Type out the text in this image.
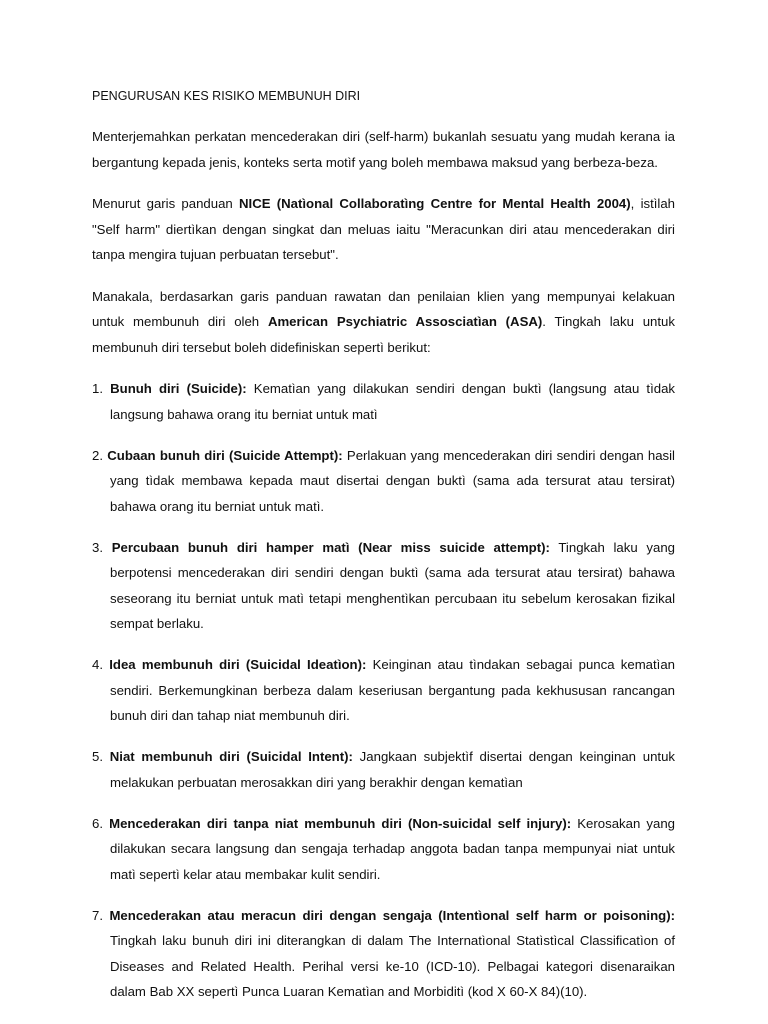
PENGURUSAN KES RISIKO MEMBUNUH DIRI

Menterjemahkan perkatan mencederakan diri (self-harm) bukanlah sesuatu yang mudah kerana ia bergantung kepada jenis, konteks serta motìf yang boleh membawa maksud yang berbeza-beza.

Menurut garis panduan NICE (Natìonal Collaboratìng Centre for Mental Health 2004), istìlah "Self harm" diertìkan dengan singkat dan meluas iaitu "Meracunkan diri atau mencederakan diri tanpa mengira tujuan perbuatan tersebut".

Manakala, berdasarkan garis panduan rawatan dan penilaian klien yang mempunyai kelakuan untuk membunuh diri oleh American Psychiatric Assosciatìan (ASA). Tingkah laku untuk membunuh diri tersebut boleh didefiniskan sepertì berikut:

1. Bunuh diri (Suicide): Kematìan yang dilakukan sendiri dengan buktì (langsung atau tìdak langsung bahawa orang itu berniat untuk matì

2. Cubaan bunuh diri (Suicide Attempt): Perlakuan yang mencederakan diri sendiri dengan hasil yang tìdak membawa kepada maut disertai dengan buktì (sama ada tersurat atau tersirat) bahawa orang itu berniat untuk matì.

3. Percubaan bunuh diri hamper matì (Near miss suicide attempt): Tingkah laku yang berpotensi mencederakan diri sendiri dengan buktì (sama ada tersurat atau tersirat) bahawa seseorang itu berniat untuk matì tetapi menghentìkan percubaan itu sebelum kerosakan fizikal sempat berlaku.

4. Idea membunuh diri (Suicidal Ideatìon): Keinginan atau tìndakan sebagai punca kematìan sendiri. Berkemungkinan berbeza dalam keseriusan bergantung pada kekhususan rancangan bunuh diri dan tahap niat membunuh diri.

5. Niat membunuh diri (Suicidal Intent): Jangkaan subjektìf disertai dengan keinginan untuk melakukan perbuatan merosakkan diri yang berakhir dengan kematìan

6. Mencederakan diri tanpa niat membunuh diri (Non-suicidal self injury): Kerosakan yang dilakukan secara langsung dan sengaja terhadap anggota badan tanpa mempunyai niat untuk matì sepertì kelar atau membakar kulit sendiri.

7. Mencederakan atau meracun diri dengan sengaja (Intentìonal self harm or poisoning): Tingkah laku bunuh diri ini diterangkan di dalam The Internatìonal Statìstìcal Classificatìon of Diseases and Related Health. Perihal versi ke-10 (ICD-10). Pelbagai kategori disenaraikan dalam Bab XX sepertì Punca Luaran Kematìan and Morbiditì (kod X 60-X 84)(10).
